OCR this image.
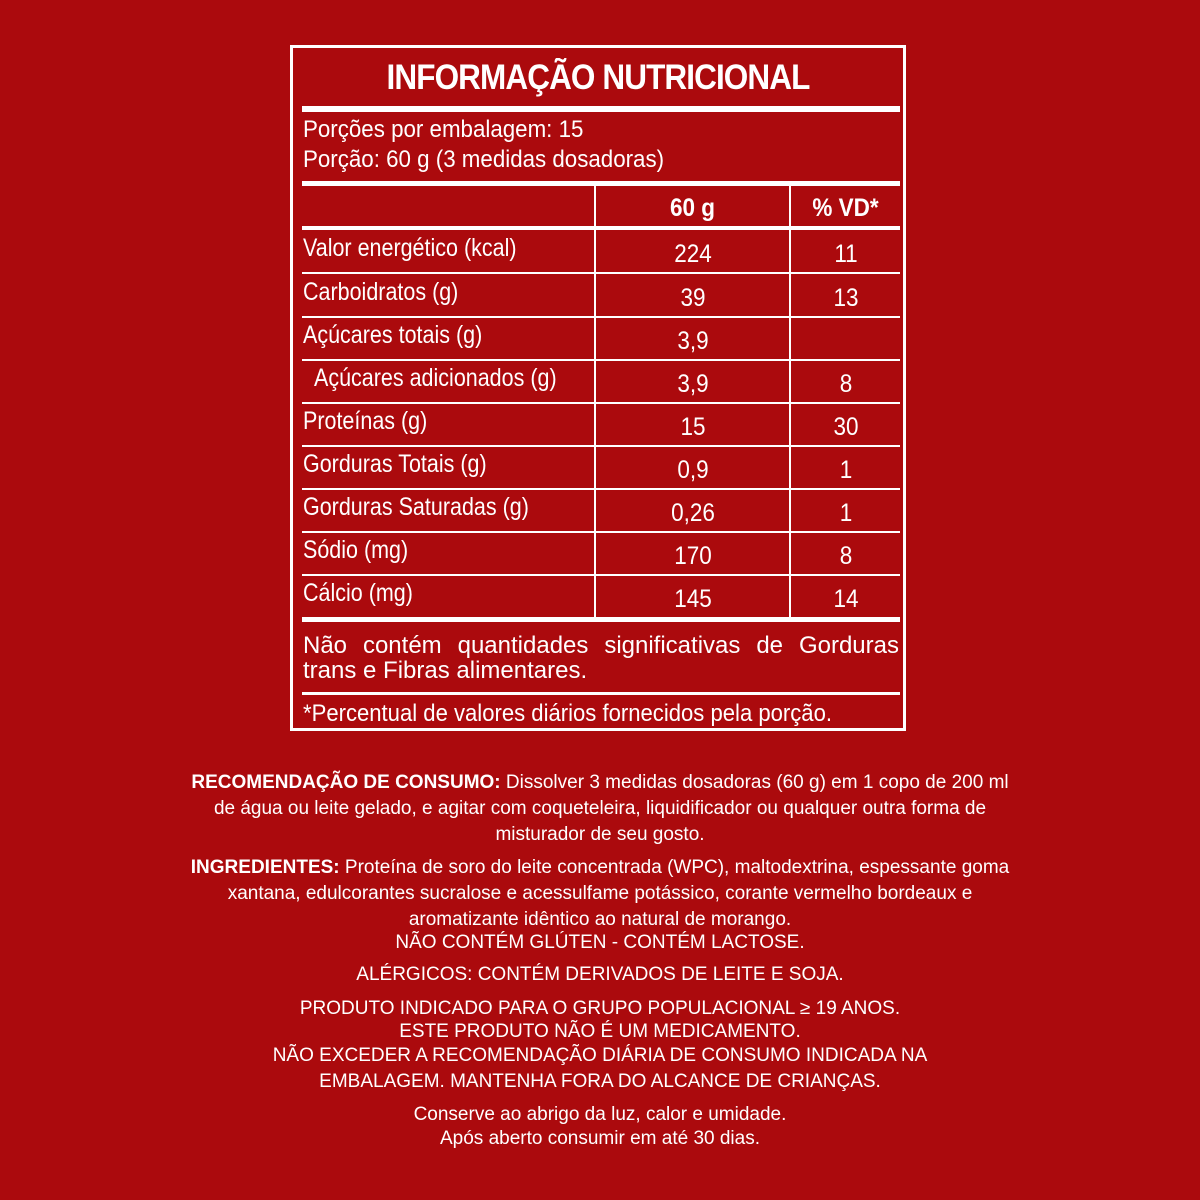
INFORMAÇÃO NUTRICIONAL
Porções por embalagem: 15
Porção: 60 g (3 medidas dosadoras)
60 g	% VD*
Valor energético (kcal)	224	11
Carboidratos (g)	39	13
Açúcares totais (g)	3,9
Açúcares adicionados (g)	3,9	8
Proteínas (g)	15	30
Gorduras Totais (g)	0,9	1
Gorduras Saturadas (g)	0,26	1
Sódio (mg)	170	8
Cálcio (mg)	145	14
Não contém quantidades significativas de Gorduras trans e Fibras alimentares.
*Percentual de valores diários fornecidos pela porção.
RECOMENDAÇÃO DE CONSUMO: Dissolver 3 medidas dosadoras (60 g) em 1 copo de 200 ml de água ou leite gelado, e agitar com coqueteleira, liquidificador ou qualquer outra forma de misturador de seu gosto.
INGREDIENTES: Proteína de soro do leite concentrada (WPC), maltodextrina, espessante goma xantana, edulcorantes sucralose e acessulfame potássico, corante vermelho bordeaux e aromatizante idêntico ao natural de morango.
NÃO CONTÉM GLÚTEN - CONTÉM LACTOSE.
ALÉRGICOS: CONTÉM DERIVADOS DE LEITE E SOJA.
PRODUTO INDICADO PARA O GRUPO POPULACIONAL ≥ 19 ANOS.
ESTE PRODUTO NÃO É UM MEDICAMENTO.
NÃO EXCEDER A RECOMENDAÇÃO DIÁRIA DE CONSUMO INDICADA NA EMBALAGEM. MANTENHA FORA DO ALCANCE DE CRIANÇAS.
Conserve ao abrigo da luz, calor e umidade.
Após aberto consumir em até 30 dias.
